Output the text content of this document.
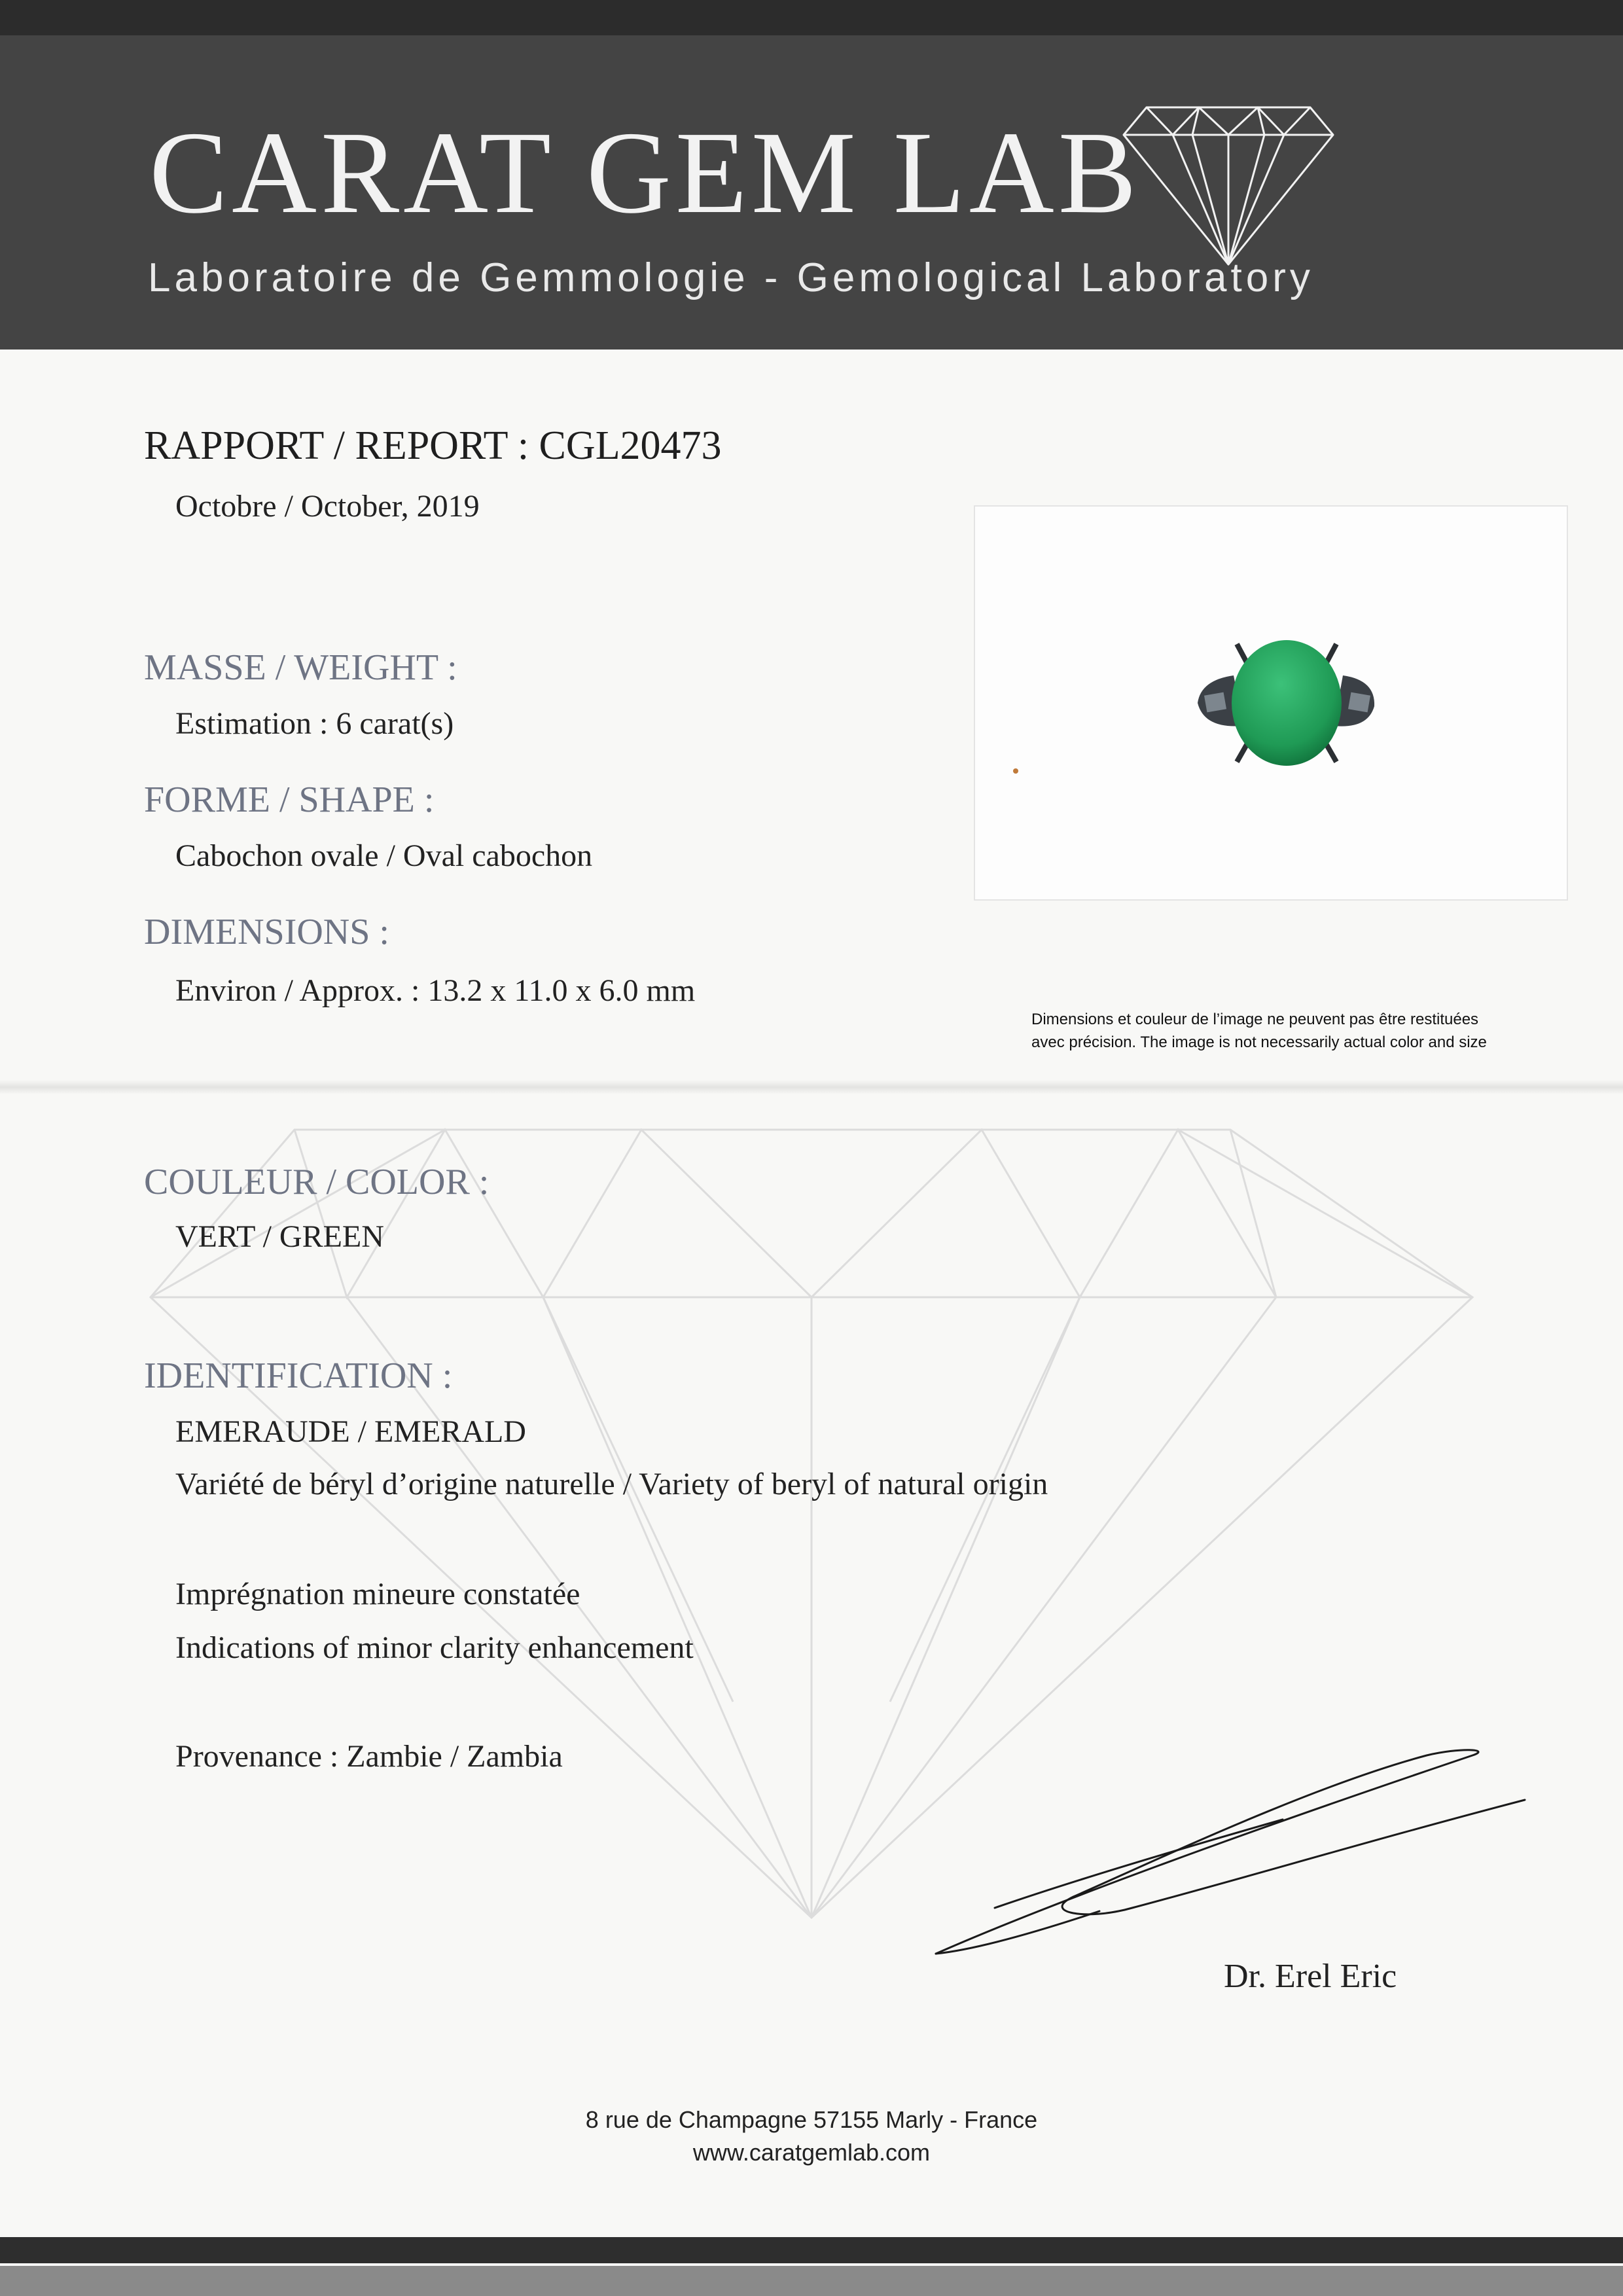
CARAT GEM LAB
Laboratoire de Gemmologie - Gemological Laboratory
RAPPORT / REPORT : CGL20473
Octobre / October, 2019
MASSE / WEIGHT :
Estimation : 6 carat(s)
FORME / SHAPE :
Cabochon ovale / Oval cabochon
DIMENSIONS :
Environ / Approx. : 13.2 x 11.0 x 6.0 mm
Dimensions et couleur de l’image ne peuvent pas être restituées
avec précision. The image is not necessarily actual color and size
COULEUR / COLOR :
VERT / GREEN
IDENTIFICATION :
EMERAUDE / EMERALD
Variété de béryl d’origine naturelle / Variety of beryl of natural origin
Imprégnation mineure constatée
Indications of minor clarity enhancement
Provenance : Zambie / Zambia
Dr. Erel Eric
8 rue de Champagne 57155 Marly - France
www.caratgemlab.com
